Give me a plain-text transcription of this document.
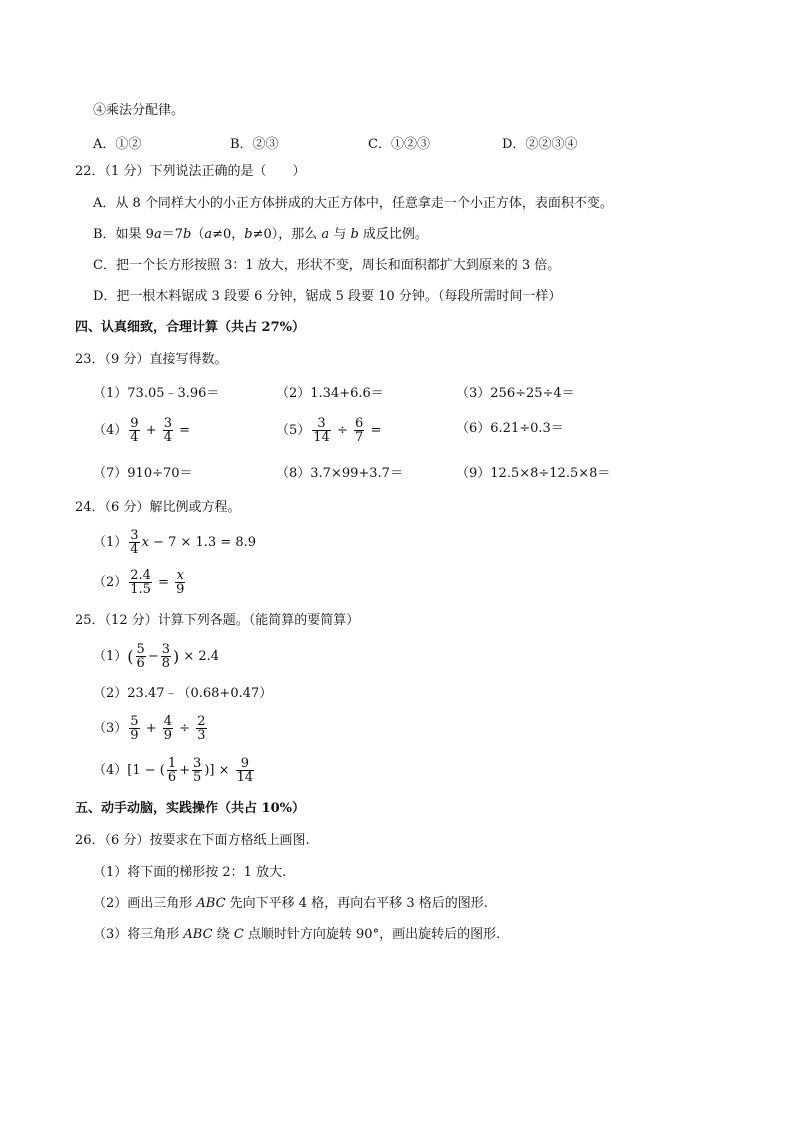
④乘法分配律。
A．①②	B．②③	C．①②③	D．②②③④
22．（1 分）下列说法正确的是（　　）
A．从 8 个同样大小的小正方体拼成的大正方体中，任意拿走一个小正方体，表面积不变。
B．如果 9a＝7b（a≠0，b≠0），那么 a 与 b 成反比例。
C．把一个长方形按照 3：1 放大，形状不变，周长和面积都扩大到原来的 3 倍。
D．把一根木料锯成 3 段要 6 分钟，锯成 5 段要 10 分钟。（每段所需时间一样）
四、认真细致，合理计算（共占 27%）
23．（9 分）直接写得数。
（1）73.05﹣3.96＝	（2）1.34+6.6＝	（3）256÷25÷4＝
$(4) \frac{9}{4} + \frac{3}{4}$ =	$(5) \frac{3}{14} \div \frac{6}{7}$ =	（6）6.21÷0.3＝
（7）910÷70＝	（8）3.7×99+3.7＝	（9）12.5×8÷12.5×8＝
24．（6 分）解比例或方程。
$(1) \frac{3}{4}$ x − 7 × 1.3 = 8.9
$(2) \frac{2.4}{1.5} = \frac{x}{9}$
25．（12 分）计算下列各题。（能简算的要简算）
$(1)( \frac{5}{6} - \frac{3}{8}$ ) × 2.4
（2）23.47﹣（0.68+0.47）
$(3) \frac{5}{9} + \frac{4}{9} \div \frac{2}{3}$
（4）[1 − ( $\frac{1}{6} + \frac{3}{5}$ )] × $\frac{9}{14}$
五、动手动脑，实践操作（共占 10%）
26．（6 分）按要求在下面方格纸上画图.
（1）将下面的梯形按 2：1 放大.
（2）画出三角形 ABC 先向下平移 4 格，再向右平移 3 格后的图形.
（3）将三角形 ABC 绕 C 点顺时针方向旋转 90°，画出旋转后的图形.
